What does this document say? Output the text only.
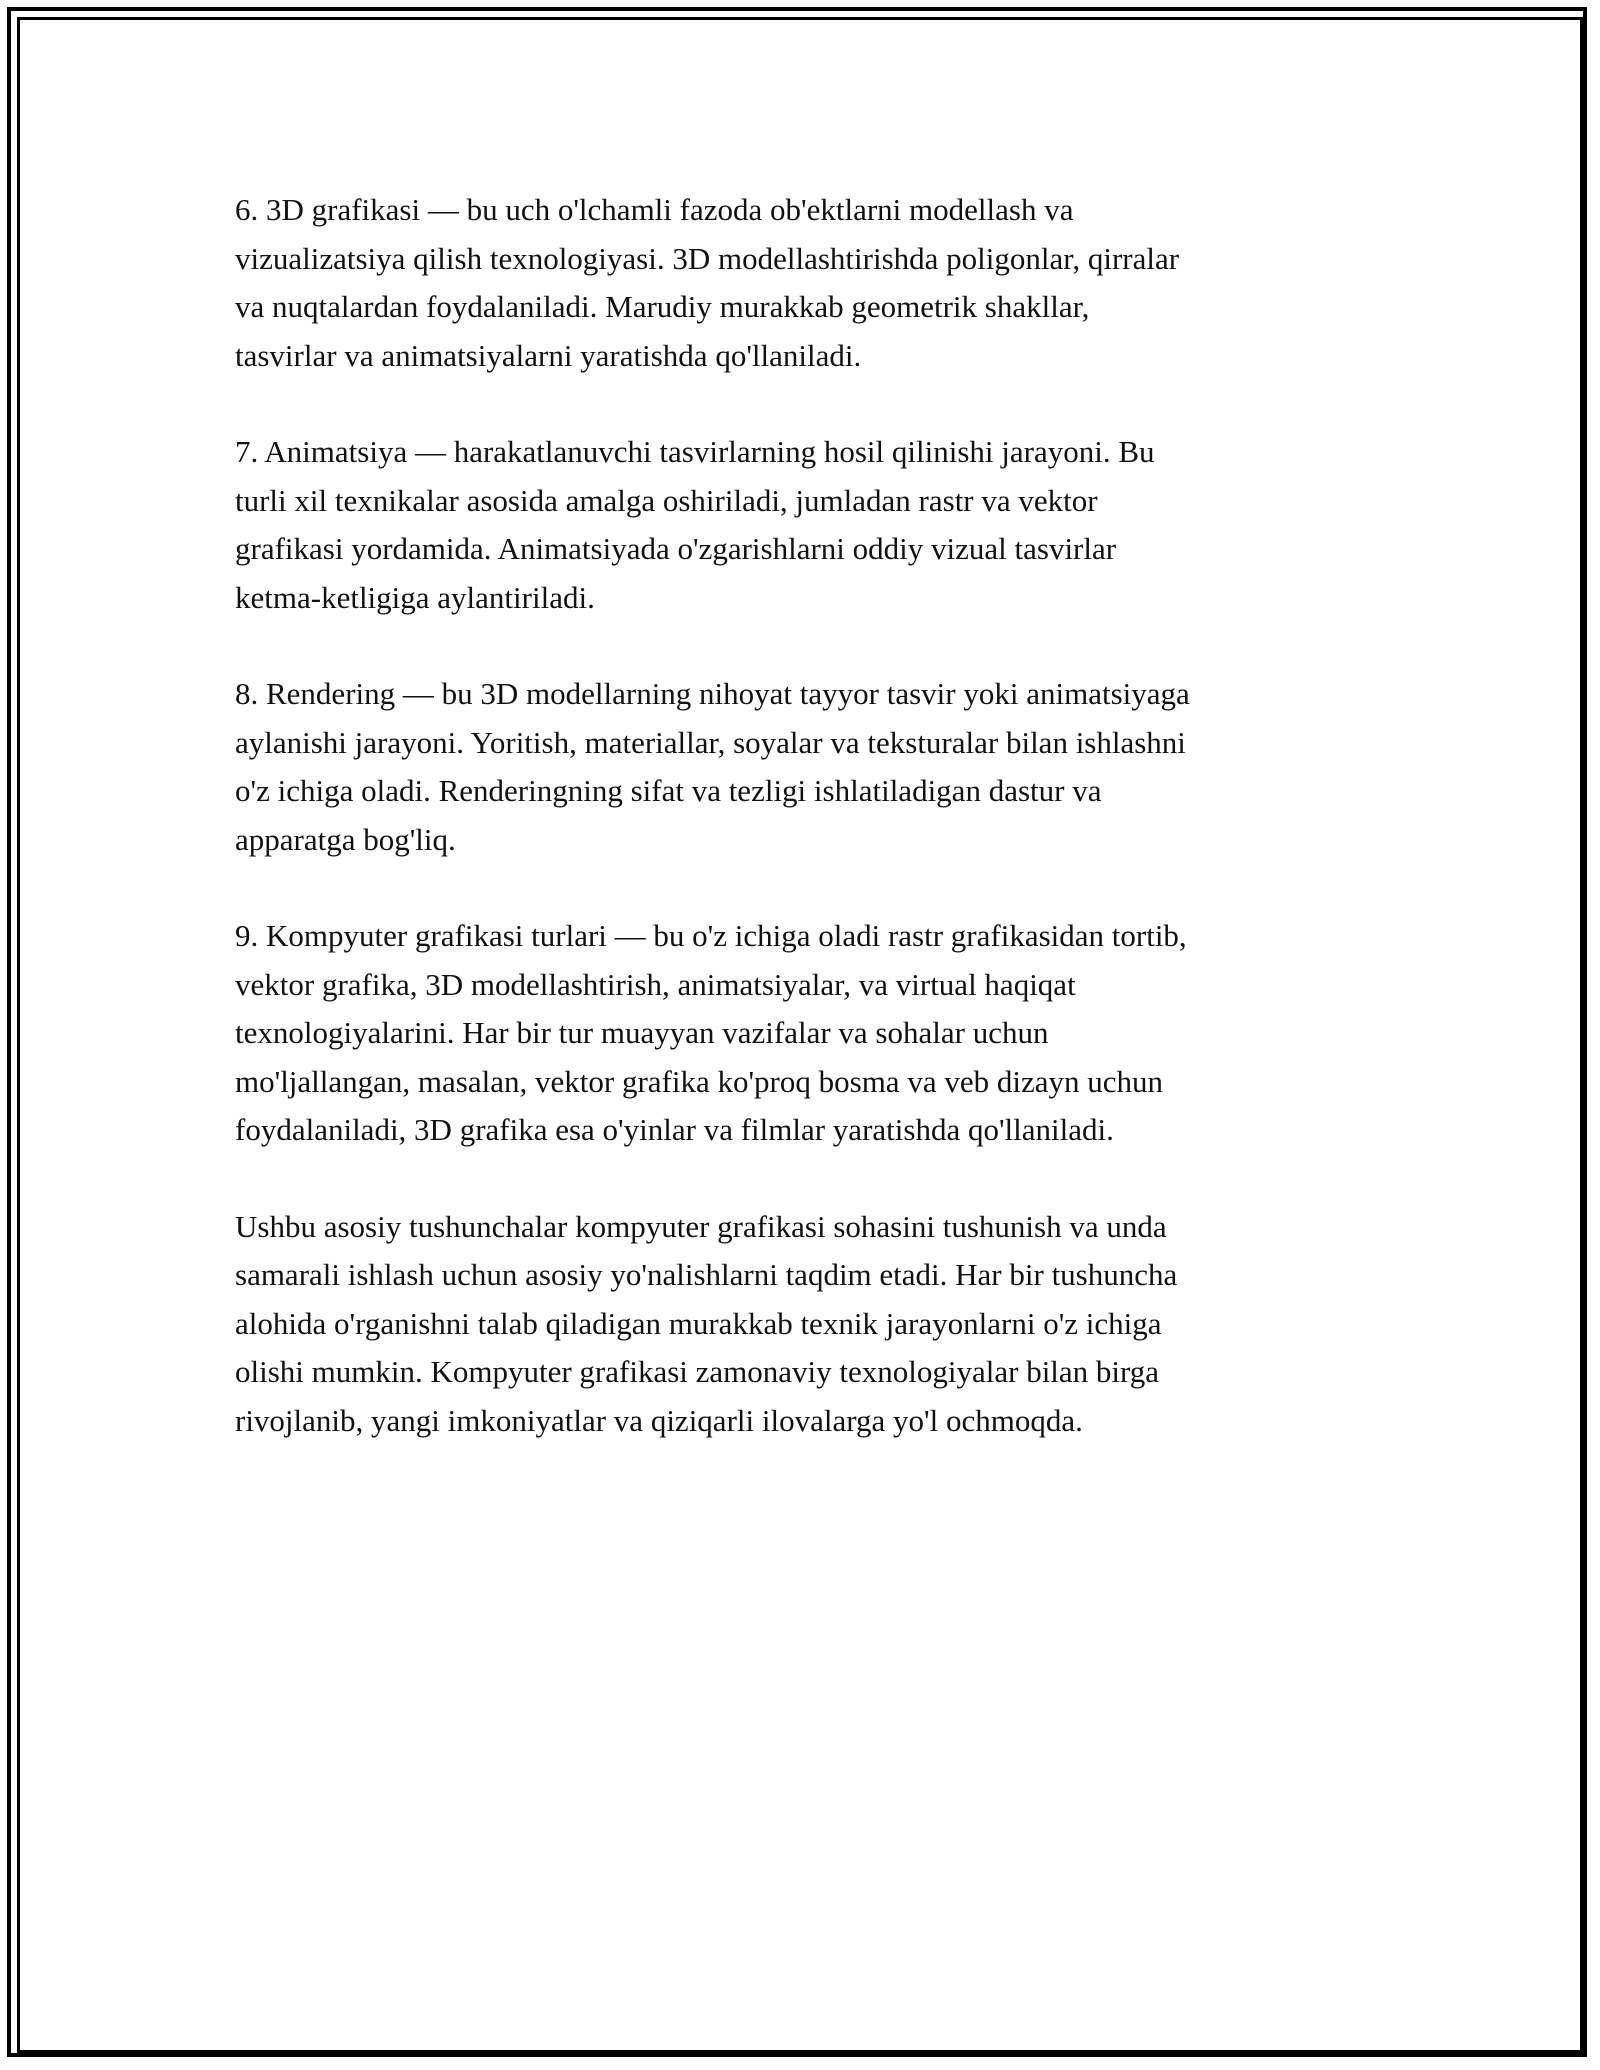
6. 3D grafikasi — bu uch o'lchamli fazoda ob'ektlarni modellash va
vizualizatsiya qilish texnologiyasi. 3D modellashtirishda poligonlar, qirralar
va nuqtalardan foydalaniladi. Marudiy murakkab geometrik shakllar,
tasvirlar va animatsiyalarni yaratishda qo'llaniladi.

7. Animatsiya — harakatlanuvchi tasvirlarning hosil qilinishi jarayoni. Bu
turli xil texnikalar asosida amalga oshiriladi, jumladan rastr va vektor
grafikasi yordamida. Animatsiyada o'zgarishlarni oddiy vizual tasvirlar
ketma-ketligiga aylantiriladi.

8. Rendering — bu 3D modellarning nihoyat tayyor tasvir yoki animatsiyaga
aylanishi jarayoni. Yoritish, materiallar, soyalar va teksturalar bilan ishlashni
o'z ichiga oladi. Renderingning sifat va tezligi ishlatiladigan dastur va
apparatga bog'liq.

9. Kompyuter grafikasi turlari — bu o'z ichiga oladi rastr grafikasidan tortib,
vektor grafika, 3D modellashtirish, animatsiyalar, va virtual haqiqat
texnologiyalarini. Har bir tur muayyan vazifalar va sohalar uchun
mo'ljallangan, masalan, vektor grafika ko'proq bosma va veb dizayn uchun
foydalaniladi, 3D grafika esa o'yinlar va filmlar yaratishda qo'llaniladi.

Ushbu asosiy tushunchalar kompyuter grafikasi sohasini tushunish va unda
samarali ishlash uchun asosiy yo'nalishlarni taqdim etadi. Har bir tushuncha
alohida o'rganishni talab qiladigan murakkab texnik jarayonlarni o'z ichiga
olishi mumkin. Kompyuter grafikasi zamonaviy texnologiyalar bilan birga
rivojlanib, yangi imkoniyatlar va qiziqarli ilovalarga yo'l ochmoqda.
